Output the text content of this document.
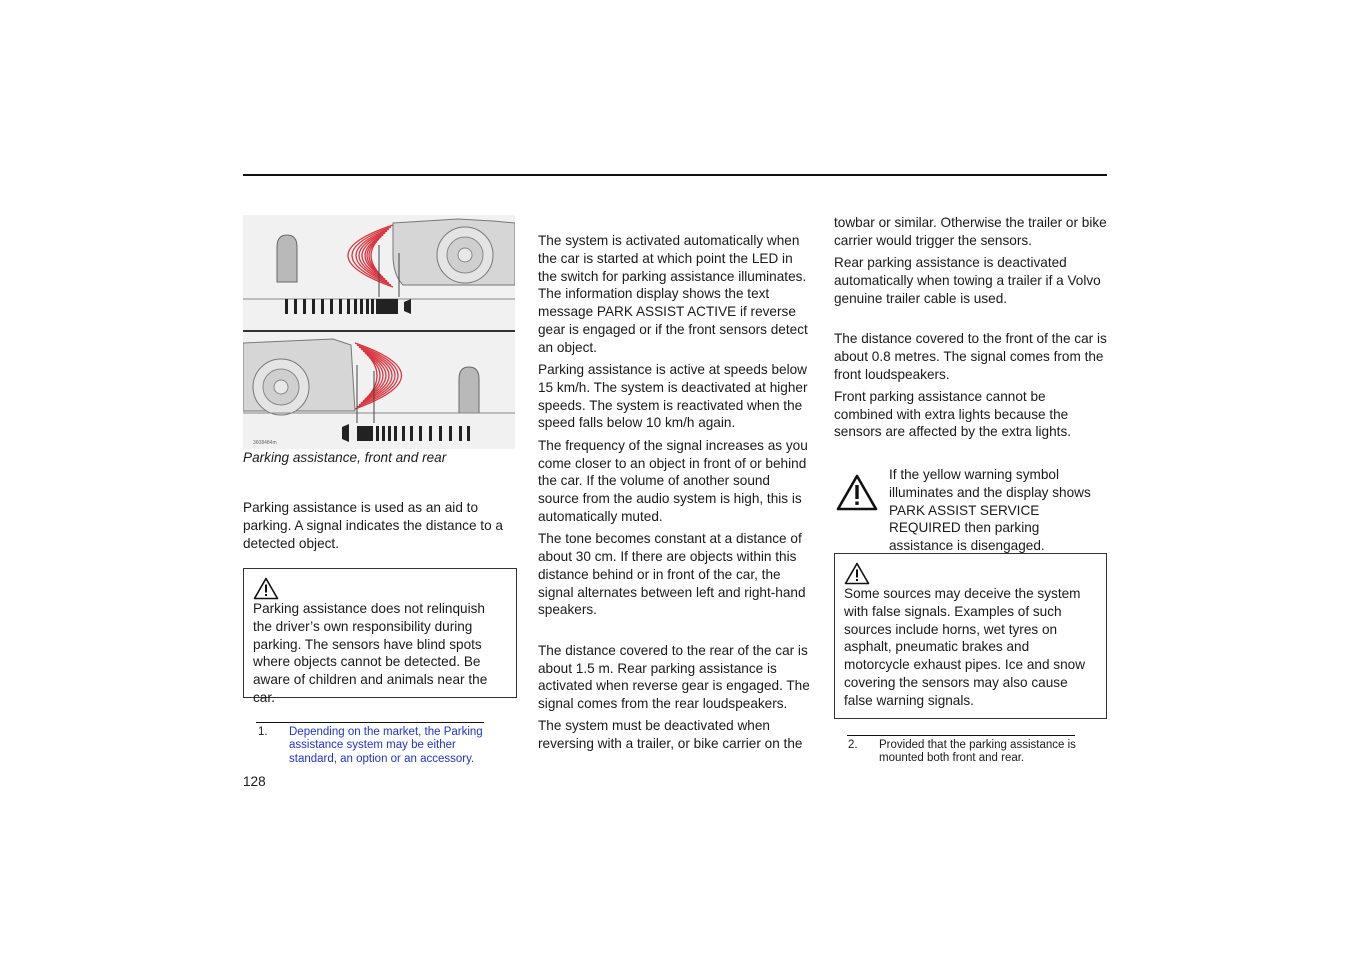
3608484m
Parking assistance, front and rear
Parking assistance is used as an aid to parking. A signal indicates the distance to a detected object.
Parking assistance does not relinquish the driver’s own responsibility during parking. The sensors have blind spots where objects cannot be detected. Be aware of children and animals near the car.
1. Depending on the market, the Parking assistance system may be either standard, an option or an accessory.
128

The system is activated automatically when the car is started at which point the LED in the switch for parking assistance illuminates. The information display shows the text message PARK ASSIST ACTIVE if reverse gear is engaged or if the front sensors detect an object.

Parking assistance is active at speeds below 15 km/h. The system is deactivated at higher speeds. The system is reactivated when the speed falls below 10 km/h again.

The frequency of the signal increases as you come closer to an object in front of or behind the car. If the volume of another sound source from the audio system is high, this is automatically muted.

The tone becomes constant at a distance of about 30 cm. If there are objects within this distance behind or in front of the car, the signal alternates between left and right-hand speakers.

The distance covered to the rear of the car is about 1.5 m. Rear parking assistance is activated when reverse gear is engaged. The signal comes from the rear loudspeakers.

The system must be deactivated when reversing with a trailer, or bike carrier on the

towbar or similar. Otherwise the trailer or bike carrier would trigger the sensors.

Rear parking assistance is deactivated automatically when towing a trailer if a Volvo genuine trailer cable is used.

The distance covered to the front of the car is about 0.8 metres. The signal comes from the front loudspeakers.

Front parking assistance cannot be combined with extra lights because the sensors are affected by the extra lights.

If the yellow warning symbol illuminates and the display shows PARK ASSIST SERVICE REQUIRED then parking assistance is disengaged.
Some sources may deceive the system with false signals. Examples of such sources include horns, wet tyres on asphalt, pneumatic brakes and motorcycle exhaust pipes. Ice and snow covering the sensors may also cause false warning signals.
2. Provided that the parking assistance is mounted both front and rear.
